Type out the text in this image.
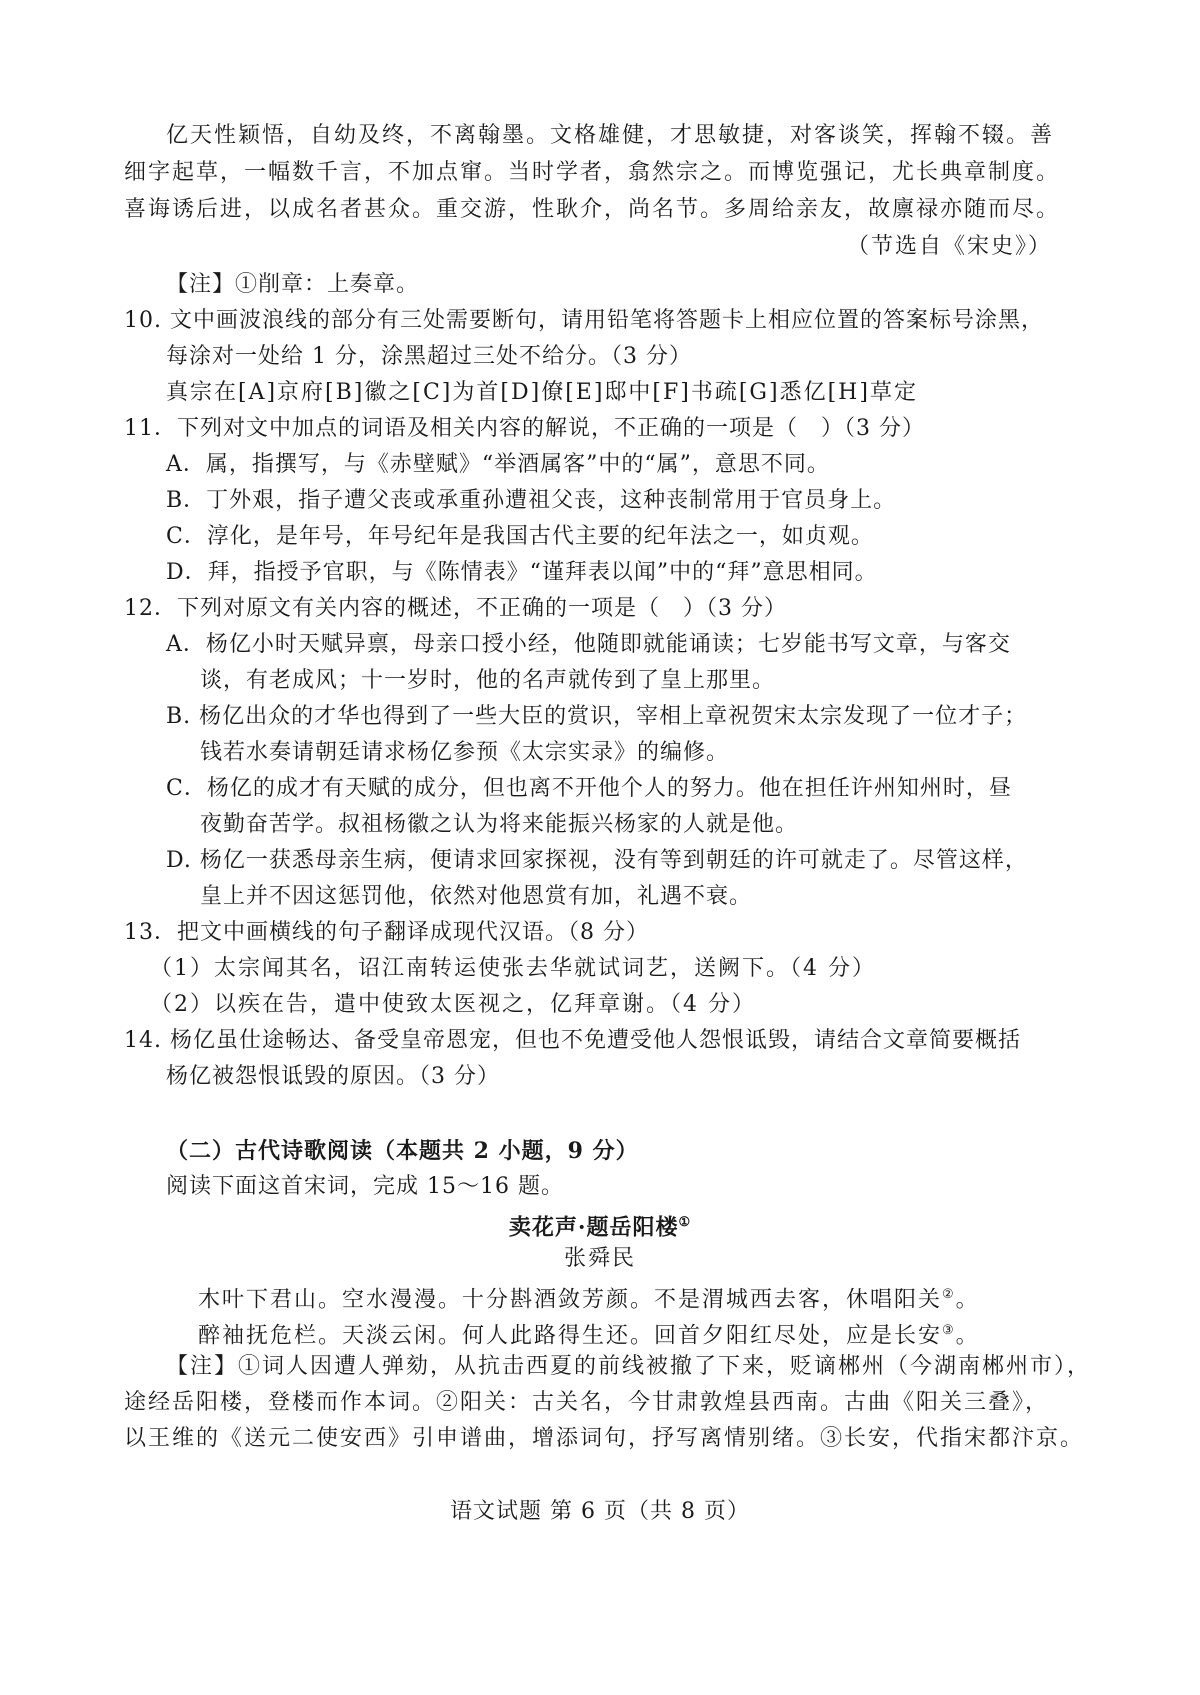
亿天性颖悟，自幼及终，不离翰墨。文格雄健，才思敏捷，对客谈笑，挥翰不辍。善
细字起草，一幅数千言，不加点窜。当时学者，翕然宗之。而博览强记，尤长典章制度。
喜诲诱后进，以成名者甚众。重交游，性耿介，尚名节。多周给亲友，故廪禄亦随而尽。
（节选自《宋史》）
【注】①削章：上奏章。
10. 文中画波浪线的部分有三处需要断句，请用铅笔将答题卡上相应位置的答案标号涂黑，
每涂对一处给 1 分，涂黑超过三处不给分。（3 分）
真宗在[A]京府[B]徽之[C]为首[D]僚[E]邸中[F]书疏[G]悉亿[H]草定
11．下列对文中加点的词语及相关内容的解说，不正确的一项是（　）（3 分）
A．属，指撰写，与《赤壁赋》“举酒属客”中的“属”，意思不同。
B．丁外艰，指子遭父丧或承重孙遭祖父丧，这种丧制常用于官员身上。
C．淳化，是年号，年号纪年是我国古代主要的纪年法之一，如贞观。
D．拜，指授予官职，与《陈情表》“谨拜表以闻”中的“拜”意思相同。
12．下列对原文有关内容的概述，不正确的一项是（　）（3 分）
A．杨亿小时天赋异禀，母亲口授小经，他随即就能诵读；七岁能书写文章，与客交
谈，有老成风；十一岁时，他的名声就传到了皇上那里。
B. 杨亿出众的才华也得到了一些大臣的赏识，宰相上章祝贺宋太宗发现了一位才子；
钱若水奏请朝廷请求杨亿参预《太宗实录》的编修。
C．杨亿的成才有天赋的成分，但也离不开他个人的努力。他在担任许州知州时，昼
夜勤奋苦学。叔祖杨徽之认为将来能振兴杨家的人就是他。
D. 杨亿一获悉母亲生病，便请求回家探视，没有等到朝廷的许可就走了。尽管这样，
皇上并不因这惩罚他，依然对他恩赏有加，礼遇不衰。
13．把文中画横线的句子翻译成现代汉语。（8 分）
（1）太宗闻其名，诏江南转运使张去华就试词艺，送阙下。（4 分）
（2）以疾在告，遣中使致太医视之，亿拜章谢。（4 分）
14. 杨亿虽仕途畅达、备受皇帝恩宠，但也不免遭受他人怨恨诋毁，请结合文章简要概括
杨亿被怨恨诋毁的原因。（3 分）
（二）古代诗歌阅读（本题共 2 小题，9 分）
阅读下面这首宋词，完成 15～16 题。
卖花声·题岳阳楼①
张舜民
木叶下君山。空水漫漫。十分斟酒敛芳颜。不是渭城西去客，休唱阳关②。
醉袖抚危栏。天淡云闲。何人此路得生还。回首夕阳红尽处，应是长安③。
【注】①词人因遭人弹劾，从抗击西夏的前线被撤了下来，贬谪郴州（今湖南郴州市），
途经岳阳楼，登楼而作本词。②阳关：古关名，今甘肃敦煌县西南。古曲《阳关三叠》，
以王维的《送元二使安西》引申谱曲，增添词句，抒写离情别绪。③长安，代指宋都汴京。
语文试题 第 6 页（共 8 页）
